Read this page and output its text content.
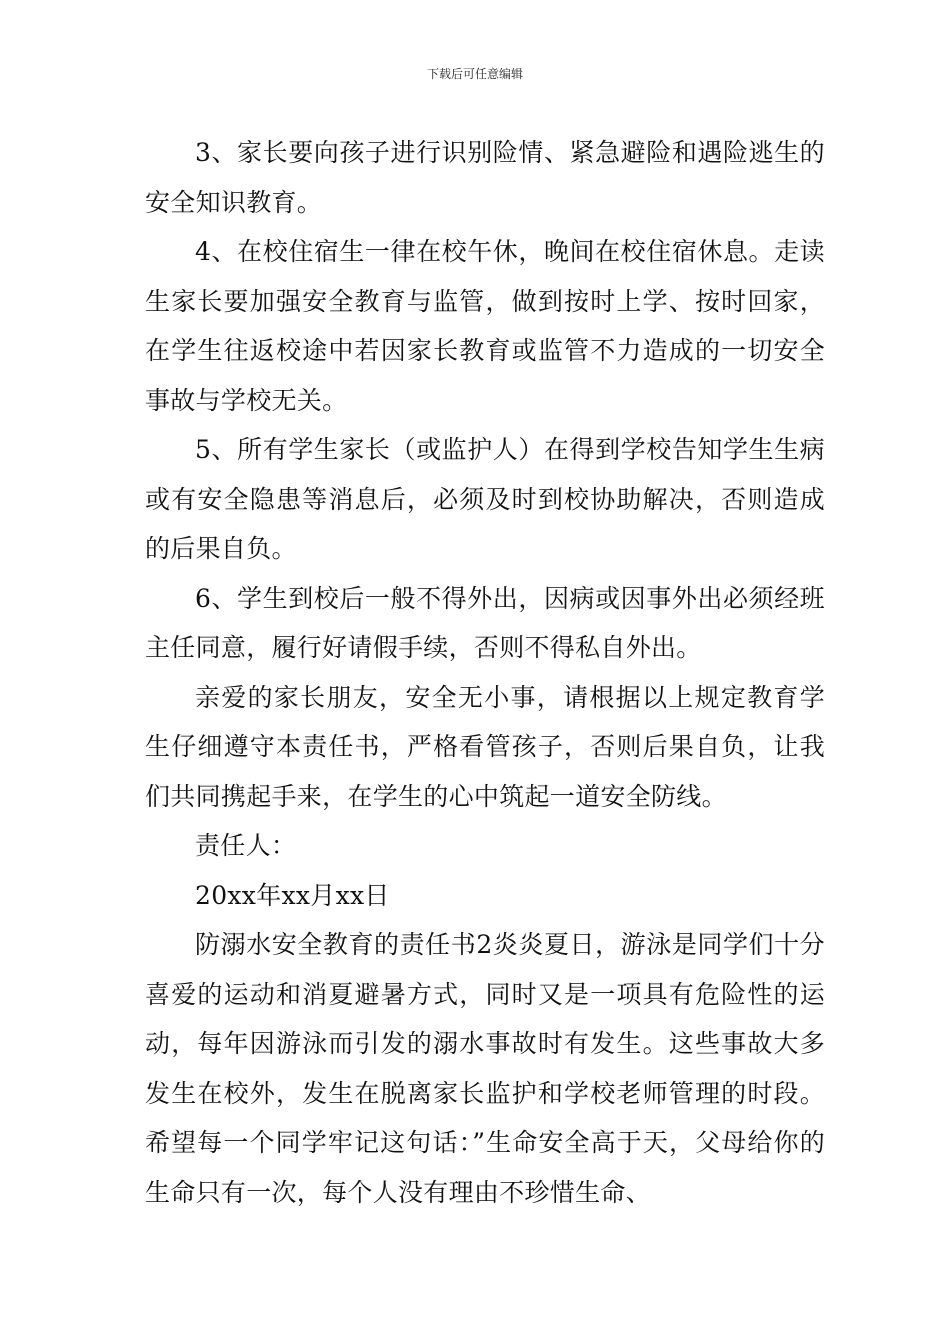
下载后可任意编辑

3、家长要向孩子进行识别险情、紧急避险和遇险逃生的安全知识教育。

4、在校住宿生一律在校午休，晚间在校住宿休息。走读生家长要加强安全教育与监管，做到按时上学、按时回家，在学生往返校途中若因家长教育或监管不力造成的一切安全事故与学校无关。

5、所有学生家长（或监护人）在得到学校告知学生生病或有安全隐患等消息后，必须及时到校协助解决，否则造成的后果自负。

6、学生到校后一般不得外出，因病或因事外出必须经班主任同意，履行好请假手续，否则不得私自外出。

亲爱的家长朋友，安全无小事，请根据以上规定教育学生仔细遵守本责任书，严格看管孩子，否则后果自负，让我们共同携起手来，在学生的心中筑起一道安全防线。

责任人：

20xx年xx月xx日

防溺水安全教育的责任书2炎炎夏日，游泳是同学们十分喜爱的运动和消夏避暑方式，同时又是一项具有危险性的运动，每年因游泳而引发的溺水事故时有发生。这些事故大多发生在校外，发生在脱离家长监护和学校老师管理的时段。希望每一个同学牢记这句话：”生命安全高于天，父母给你的生命只有一次，每个人没有理由不珍惜生命、
